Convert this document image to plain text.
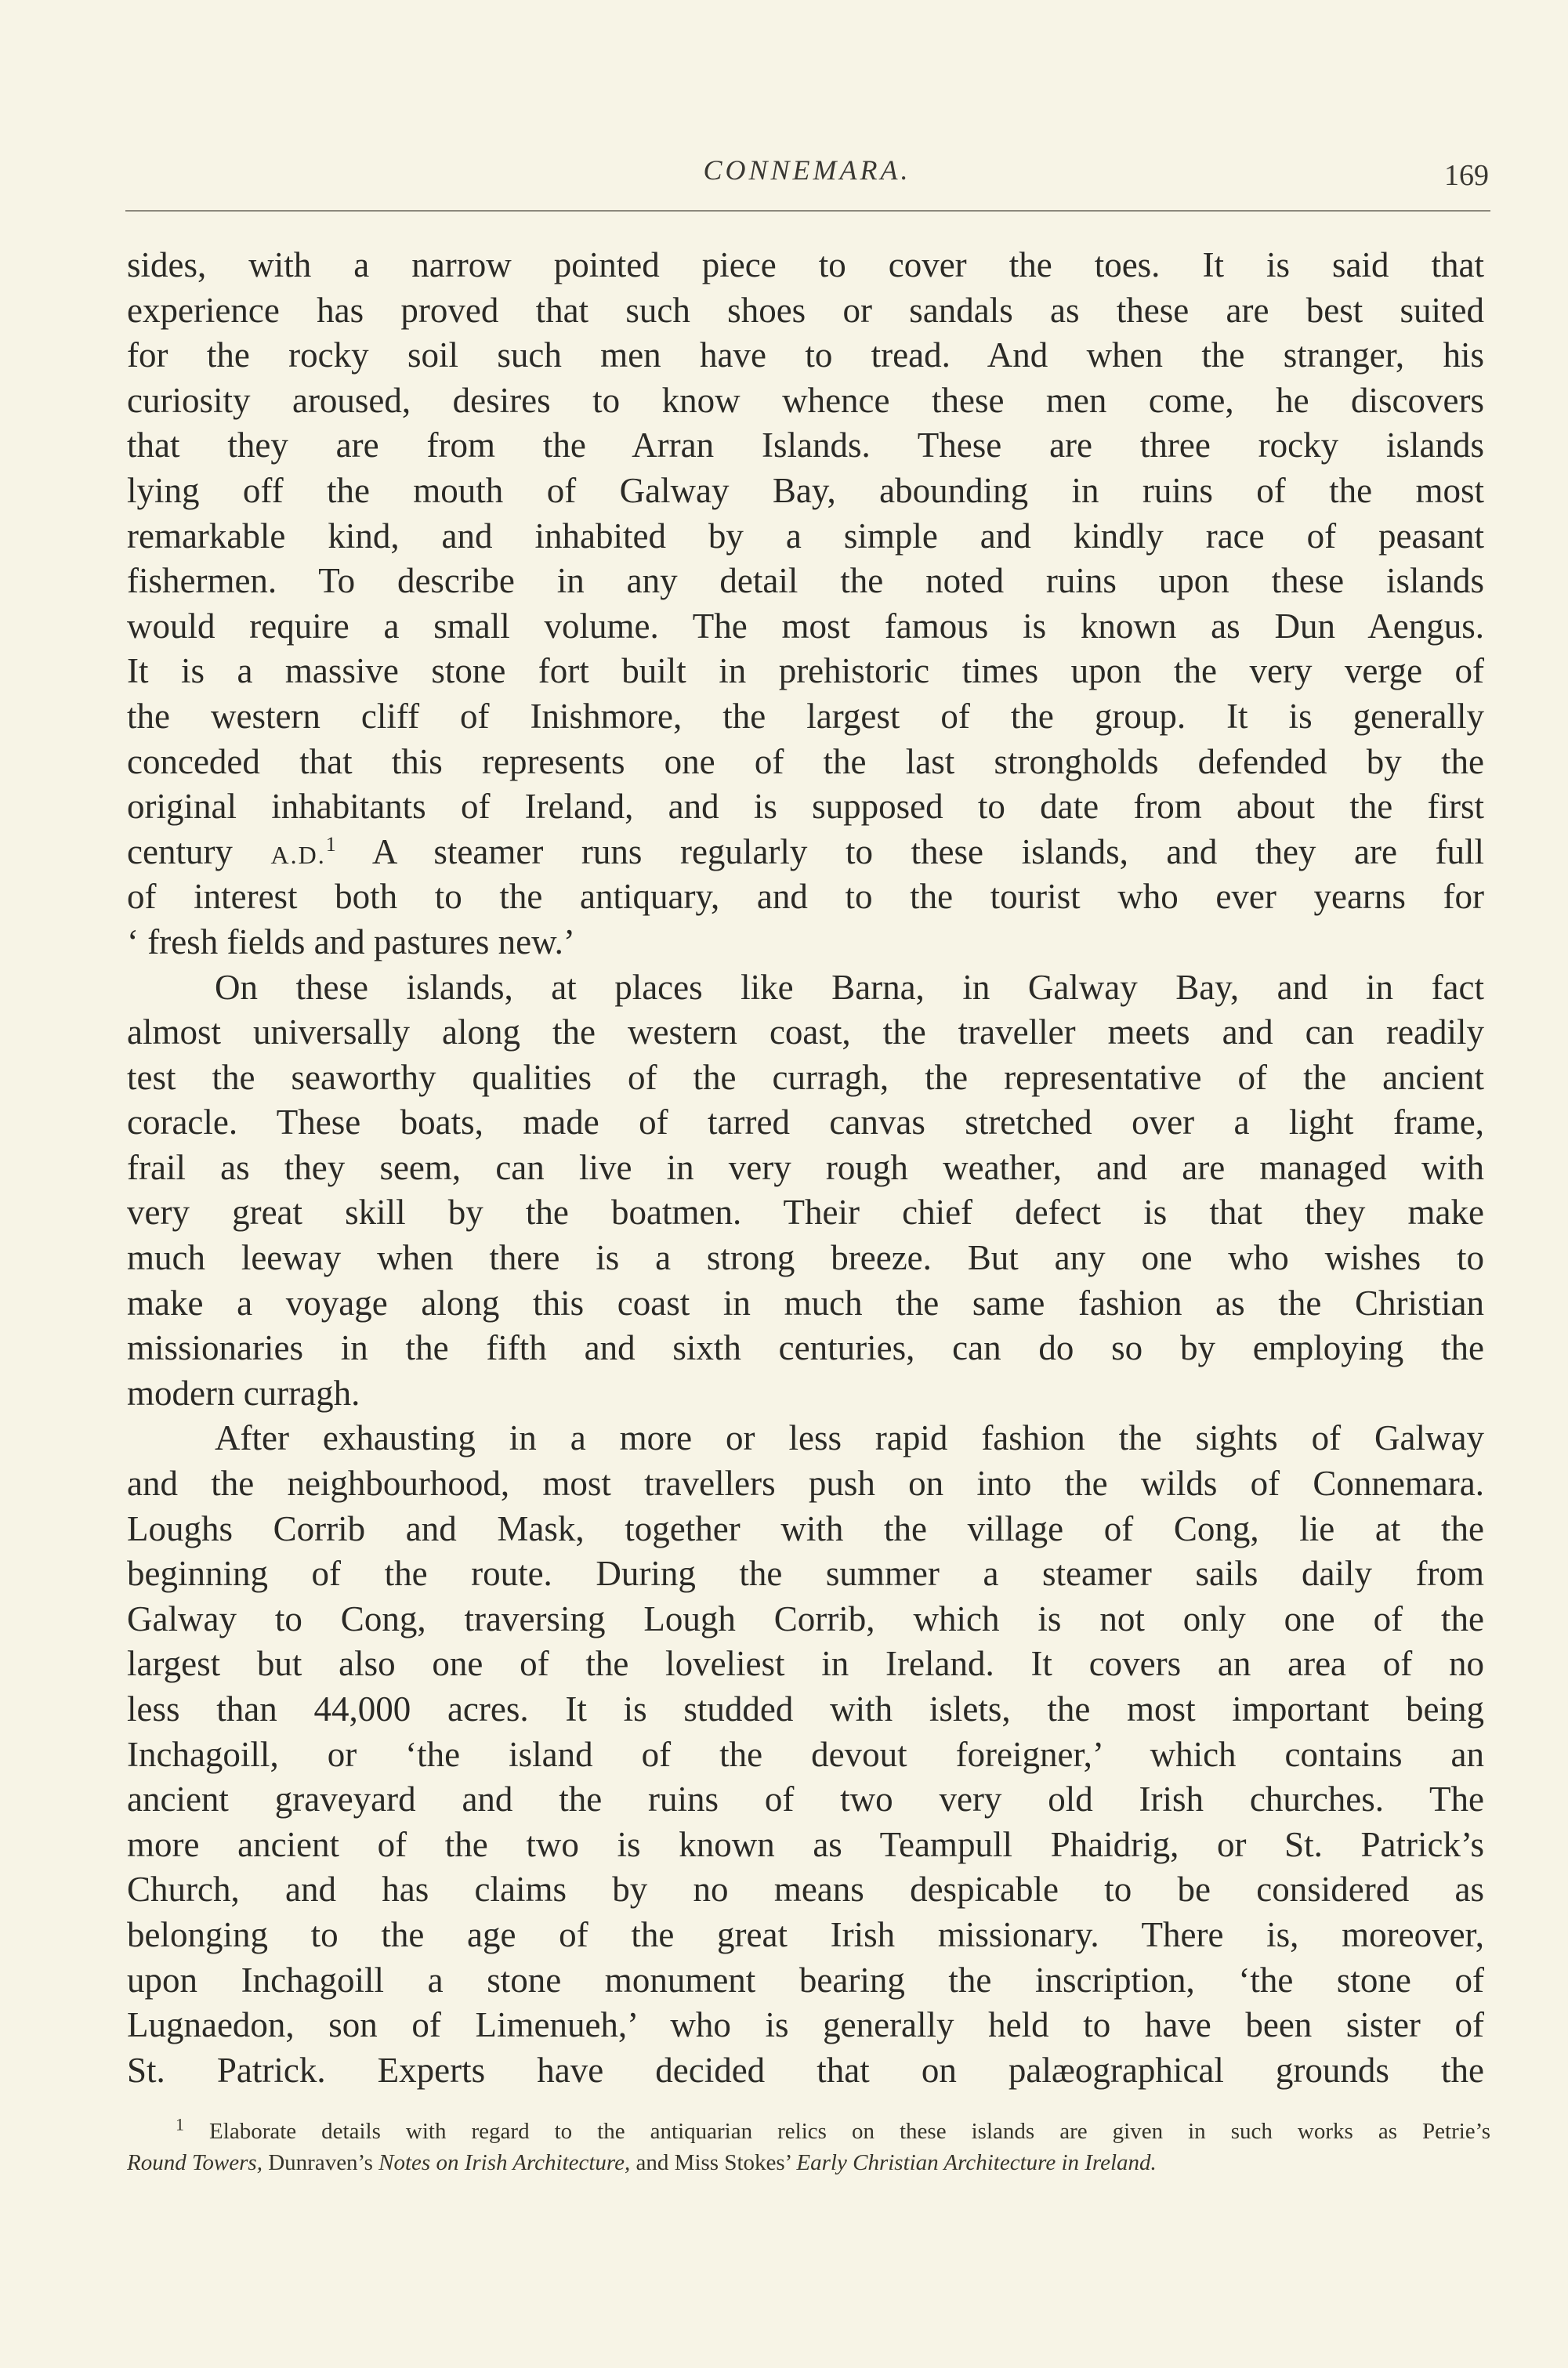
CONNEMARA.	169
sides, with a narrow pointed piece to cover the toes. It is said that
experience has proved that such shoes or sandals as these are best suited
for the rocky soil such men have to tread. And when the stranger, his
curiosity aroused, desires to know whence these men come, he discovers
that they are from the Arran Islands. These are three rocky islands
lying off the mouth of Galway Bay, abounding in ruins of the most
remarkable kind, and inhabited by a simple and kindly race of peasant
fishermen. To describe in any detail the noted ruins upon these islands
would require a small volume. The most famous is known as Dun Aengus.
It is a massive stone fort built in prehistoric times upon the very verge of
the western cliff of Inishmore, the largest of the group. It is generally
conceded that this represents one of the last strongholds defended by the
original inhabitants of Ireland, and is supposed to date from about the first
century A.D.$^1$ A steamer runs regularly to these islands, and they are full
of interest both to the antiquary, and to the tourist who ever yearns for
‘ fresh fields and pastures new.’
On these islands, at places like Barna, in Galway Bay, and in fact
almost universally along the western coast, the traveller meets and can readily
test the seaworthy qualities of the curragh, the representative of the ancient
coracle. These boats, made of tarred canvas stretched over a light frame,
frail as they seem, can live in very rough weather, and are managed with
very great skill by the boatmen. Their chief defect is that they make
much leeway when there is a strong breeze. But any one who wishes to
make a voyage along this coast in much the same fashion as the Christian
missionaries in the fifth and sixth centuries, can do so by employing the
modern curragh.
After exhausting in a more or less rapid fashion the sights of Galway
and the neighbourhood, most travellers push on into the wilds of Connemara.
Loughs Corrib and Mask, together with the village of Cong, lie at the
beginning of the route. During the summer a steamer sails daily from
Galway to Cong, traversing Lough Corrib, which is not only one of the
largest but also one of the loveliest in Ireland. It covers an area of no
less than 44,000 acres. It is studded with islets, the most important being
Inchagoill, or ‘the island of the devout foreigner,’ which contains an
ancient graveyard and the ruins of two very old Irish churches. The
more ancient of the two is known as Teampull Phaidrig, or St. Patrick’s
Church, and has claims by no means despicable to be considered as
belonging to the age of the great Irish missionary. There is, moreover,
upon Inchagoill a stone monument bearing the inscription, ‘the stone of
Lugnaedon, son of Limenueh,’ who is generally held to have been sister of
St. Patrick. Experts have decided that on palæographical grounds the
$^1$ Elaborate details with regard to the antiquarian relics on these islands are given in such works as Petrie’s
Round Towers, Dunraven’s Notes on Irish Architecture, and Miss Stokes’ Early Christian Architecture in Ireland.
